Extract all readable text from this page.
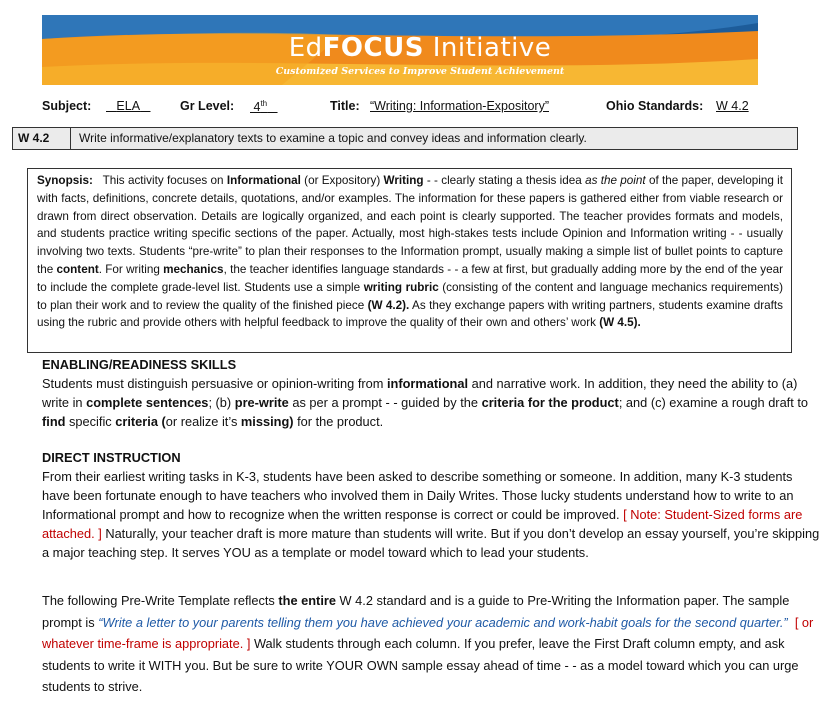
EdFOCUS Initiative
Customized Services to Improve Student Achievement
Subject:	ELA	Gr Level: 4th	Title: “Writing: Information-Expository”	Ohio Standards: W 4.2
W 4.2	Write informative/explanatory texts to examine a topic and convey ideas and information clearly.
Synopsis: This activity focuses on Informational (or Expository) Writing - - clearly stating a thesis idea as the point of the paper, developing it with facts, definitions, concrete details, quotations, and/or examples. The information for these papers is gathered either from viable research or drawn from direct observation. Details are logically organized, and each point is clearly supported. The teacher provides formats and models, and students practice writing specific sections of the paper. Actually, most high-stakes tests include Opinion and Information writing - - usually involving two texts. Students “pre-write” to plan their responses to the Information prompt, usually making a simple list of bullet points to capture the content. For writing mechanics, the teacher identifies language standards - - a few at first, but gradually adding more by the end of the year to include the complete grade-level list. Students use a simple writing rubric (consisting of the content and language mechanics requirements) to plan their work and to review the quality of the finished piece (W 4.2). As they exchange papers with writing partners, students examine drafts using the rubric and provide others with helpful feedback to improve the quality of their own and others’ work (W 4.5).
ENABLING/READINESS SKILLS
Students must distinguish persuasive or opinion-writing from informational and narrative work. In addition, they need the ability to (a) write in complete sentences; (b) pre-write as per a prompt - - guided by the criteria for the product; and (c) examine a rough draft to find specific criteria (or realize it’s missing) for the product.
DIRECT INSTRUCTION
From their earliest writing tasks in K-3, students have been asked to describe something or someone. In addition, many K-3 students have been fortunate enough to have teachers who involved them in Daily Writes. Those lucky students understand how to write to an Informational prompt and how to recognize when the written response is correct or could be improved. [ Note: Student-Sized forms are attached. ] Naturally, your teacher draft is more mature than students will write. But if you don’t develop an essay yourself, you’re skipping a major teaching step. It serves YOU as a template or model toward which to lead your students.
The following Pre-Write Template reflects the entire W 4.2 standard and is a guide to Pre-Writing the Information paper. The sample prompt is “Write a letter to your parents telling them you have achieved your academic and work-habit goals for the second quarter.” [ or whatever time-frame is appropriate. ] Walk students through each column. If you prefer, leave the First Draft column empty, and ask students to write it WITH you. But be sure to write YOUR OWN sample essay ahead of time - - as a model toward which you can urge students to strive.
